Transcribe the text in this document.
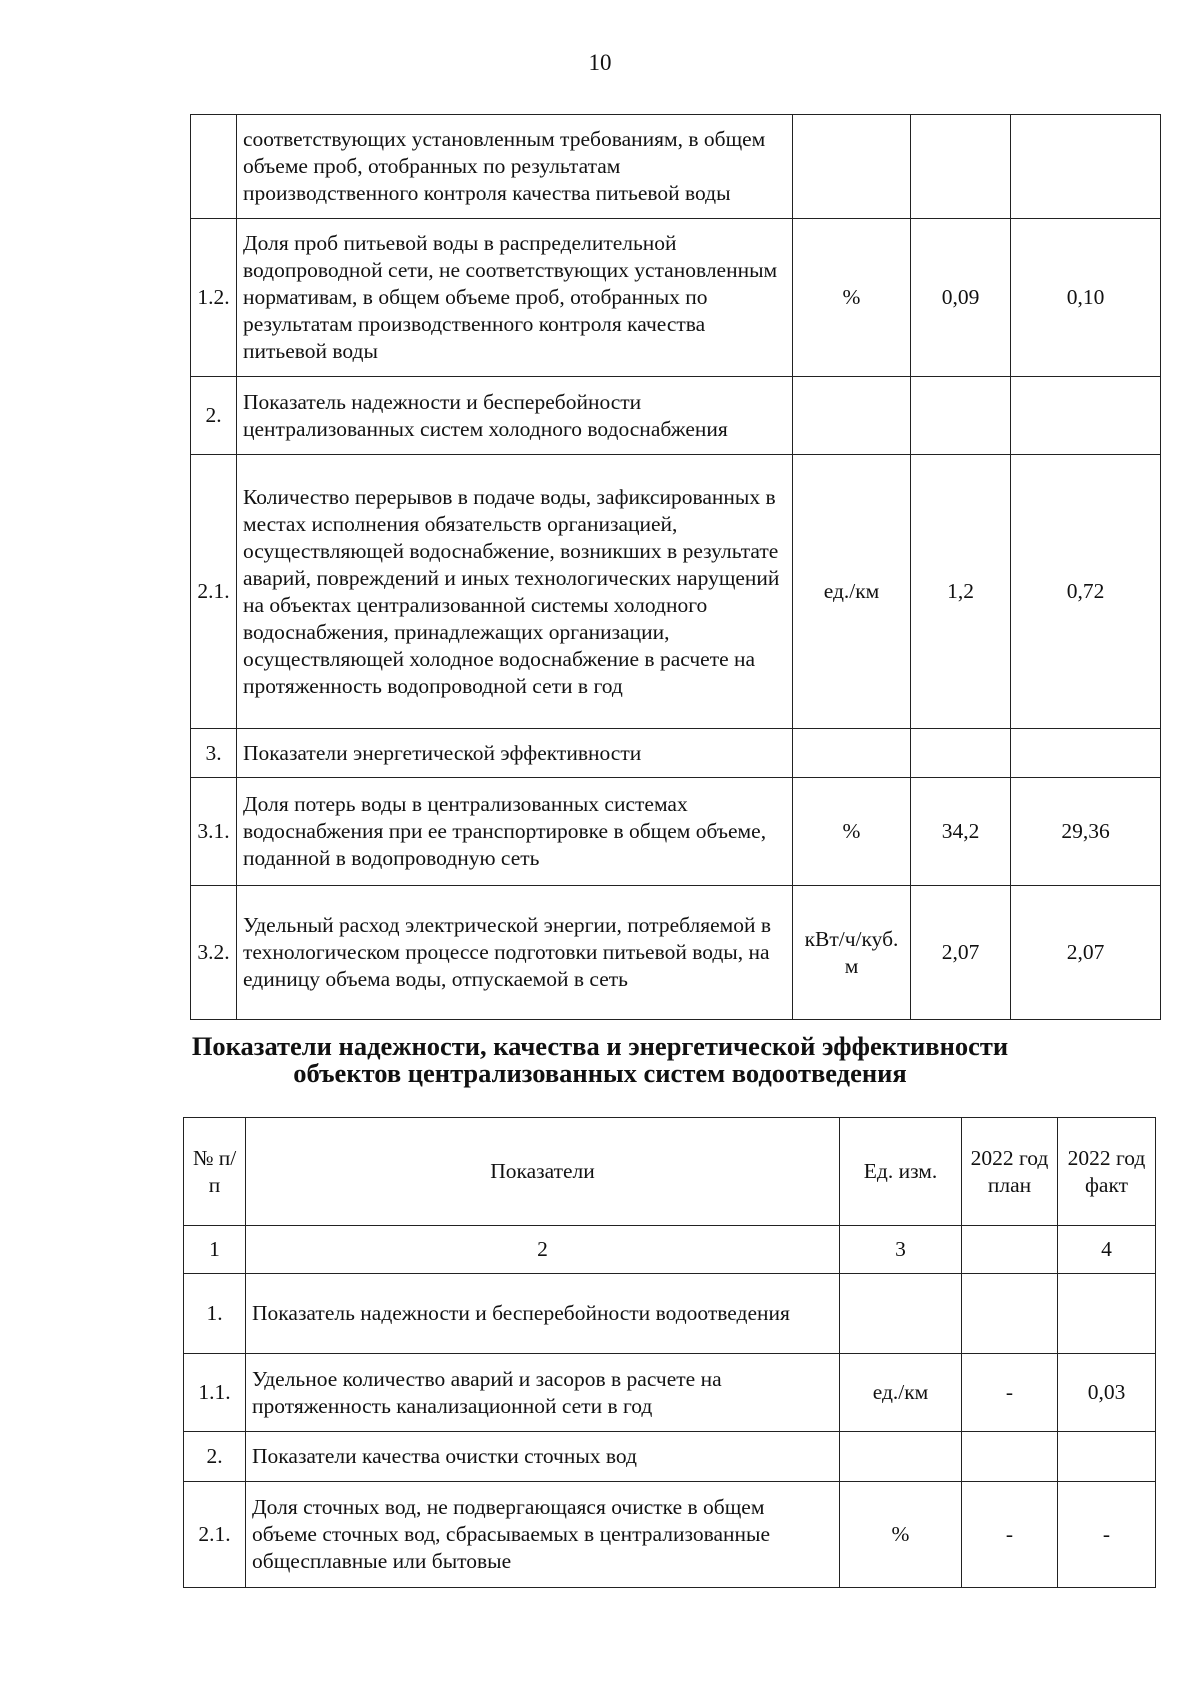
10
	соответствующих установленным требованиям, в общем объеме проб, отобранных по результатам производственного контроля качества питьевой воды			
1.2.	Доля проб питьевой воды в распределительной водопроводной сети, не соответствующих установленным нормативам, в общем объеме проб, отобранных по результатам производственного контроля качества питьевой воды	%	0,09	0,10
2.	Показатель надежности и бесперебойности централизованных систем холодного водоснабжения			
2.1.	Количество перерывов в подаче воды, зафиксированных в местах исполнения обязательств организацией, осуществляющей водоснабжение, возникших в результате аварий, повреждений и иных технологических нарущений на объектах централизованной системы холодного водоснабжения, принадлежащих организации, осуществляющей холодное водоснабжение в расчете на протяженность водопроводной сети в год	ед./км	1,2	0,72
3.	Показатели энергетической эффективности			
3.1.	Доля потерь воды в централизованных системах водоснабжения при ее транспортировке в общем объеме, поданной в водопроводную сеть	%	34,2	29,36
3.2.	Удельный расход электрической энергии, потребляемой в технологическом процессе подготовки питьевой воды, на единицу объема воды, отпускаемой в сеть	кВт/ч/куб. м	2,07	2,07
Показатели надежности, качества и энергетической эффективности
объектов централизованных систем водоотведения
№ п/п	Показатели	Ед. изм.	2022 год план	2022 год факт
1	2	3		4
1.	Показатель надежности и бесперебойности водоотведения			
1.1.	Удельное количество аварий и засоров в расчете на протяженность канализационной сети в год	ед./км	-	0,03
2.	Показатели качества очистки сточных вод			
2.1.	Доля сточных вод, не подвергающаяся очистке в общем объеме сточных вод, сбрасываемых в централизованные общесплавные или бытовые	%	-	-
